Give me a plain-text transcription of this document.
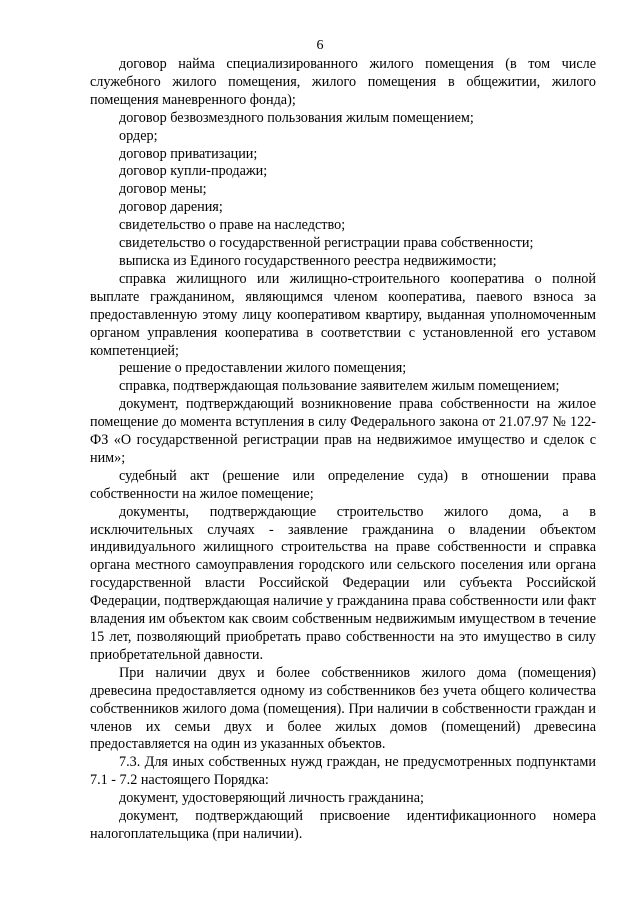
6

договор найма специализированного жилого помещения (в том числе служебного жилого помещения, жилого помещения в общежитии, жилого помещения маневренного фонда);

договор безвозмездного пользования жилым помещением;

ордер;

договор приватизации;

договор купли-продажи;

договор мены;

договор дарения;

свидетельство о праве на наследство;

свидетельство о государственной регистрации права собственности;

выписка из Единого государственного реестра недвижимости;

справка жилищного или жилищно-строительного кооператива о полной выплате гражданином, являющимся членом кооператива, паевого взноса за предоставленную этому лицу кооперативом квартиру, выданная уполномоченным органом управления кооператива в соответствии с установленной его уставом компетенцией;

решение о предоставлении жилого помещения;

справка, подтверждающая пользование заявителем жилым помещением;

документ, подтверждающий возникновение права собственности на жилое помещение до момента вступления в силу Федерального закона от 21.07.97 № 122-ФЗ «О государственной регистрации прав на недвижимое имущество и сделок с ним»;

судебный акт (решение или определение суда) в отношении права собственности на жилое помещение;

документы, подтверждающие строительство жилого дома, а в исключительных случаях - заявление гражданина о владении объектом индивидуального жилищного строительства на праве собственности и справка органа местного самоуправления городского или сельского поселения или органа государственной власти Российской Федерации или субъекта Российской Федерации, подтверждающая наличие у гражданина права собственности или факт владения им объектом как своим собственным недвижимым имуществом в течение 15 лет, позволяющий приобретать право собственности на это имущество в силу приобретательной давности.

При наличии двух и более собственников жилого дома (помещения) древесина предоставляется одному из собственников без учета общего количества собственников жилого дома (помещения). При наличии в собственности граждан и членов их семьи двух и более жилых домов (помещений) древесина предоставляется на один из указанных объектов.

7.3. Для иных собственных нужд граждан, не предусмотренных подпунктами 7.1 - 7.2 настоящего Порядка:

документ, удостоверяющий личность гражданина;

документ, подтверждающий присвоение идентификационного номера налогоплательщика (при наличии).
